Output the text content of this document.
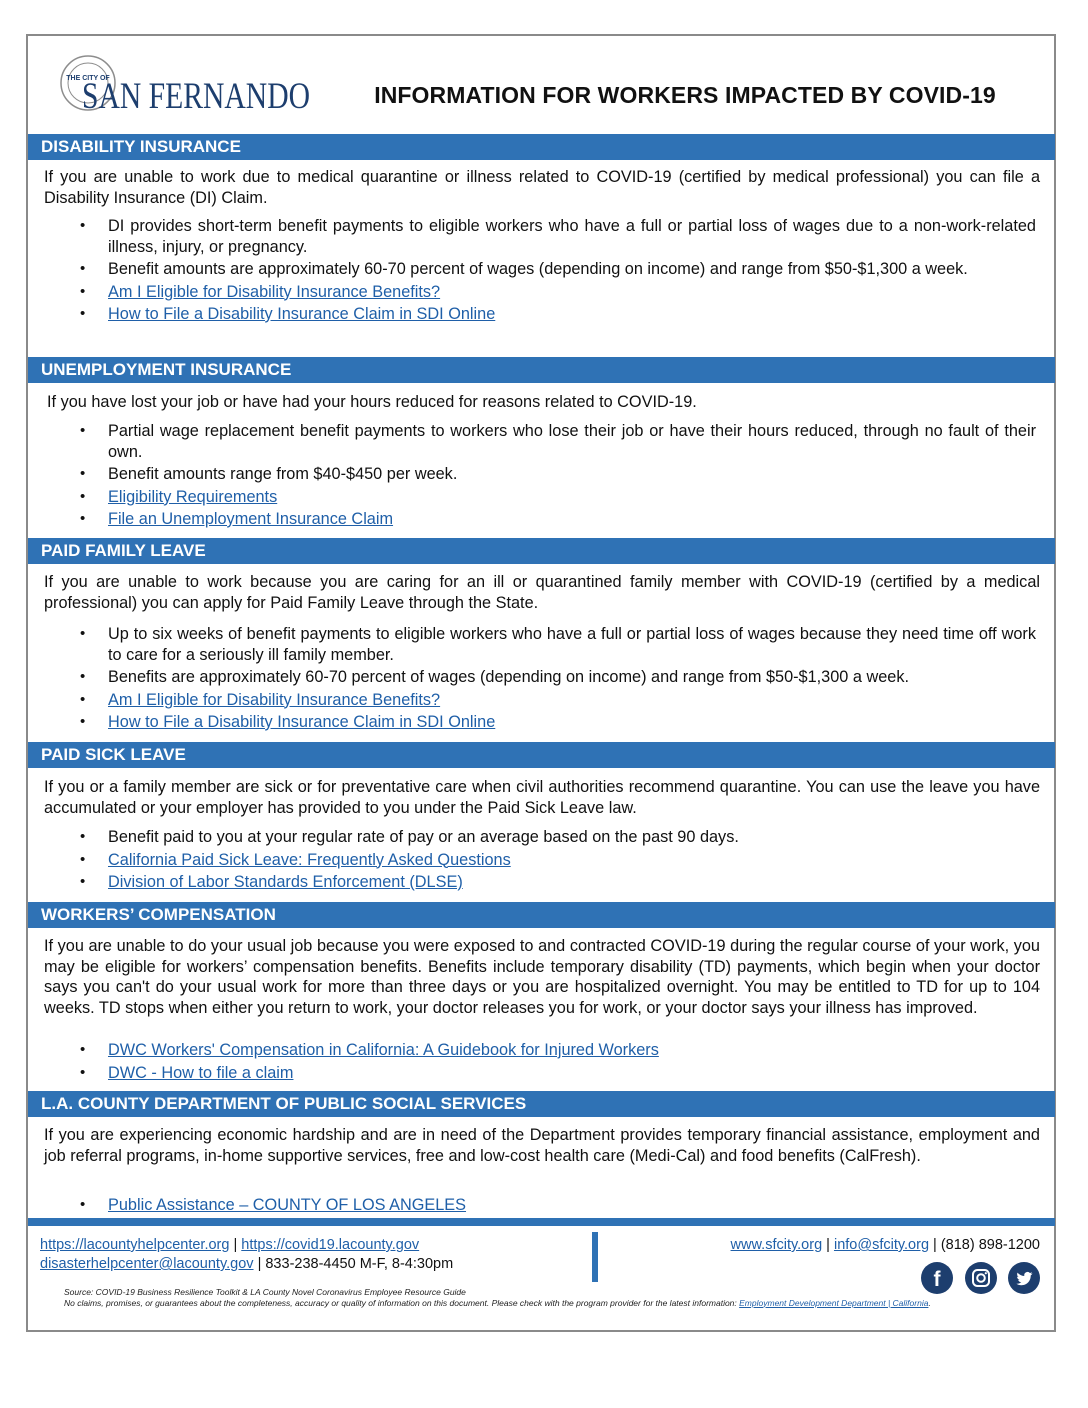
THE CITY OF
SAN FERNANDO	INFORMATION FOR WORKERS IMPACTED BY COVID-19
DISABILITY INSURANCE
If you are unable to work due to medical quarantine or illness related to COVID-19 (certified by medical professional) you can file a Disability Insurance (DI) Claim.
• DI provides short-term benefit payments to eligible workers who have a full or partial loss of wages due to a non-work-related illness, injury, or pregnancy.
• Benefit amounts are approximately 60-70 percent of wages (depending on income) and range from $50-$1,300 a week.
• Am I Eligible for Disability Insurance Benefits?
• How to File a Disability Insurance Claim in SDI Online
UNEMPLOYMENT INSURANCE
If you have lost your job or have had your hours reduced for reasons related to COVID-19.
• Partial wage replacement benefit payments to workers who lose their job or have their hours reduced, through no fault of their own.
• Benefit amounts range from $40-$450 per week.
• Eligibility Requirements
• File an Unemployment Insurance Claim
PAID FAMILY LEAVE
If you are unable to work because you are caring for an ill or quarantined family member with COVID-19 (certified by a medical professional) you can apply for Paid Family Leave through the State.
• Up to six weeks of benefit payments to eligible workers who have a full or partial loss of wages because they need time off work to care for a seriously ill family member.
• Benefits are approximately 60-70 percent of wages (depending on income) and range from $50-$1,300 a week.
• Am I Eligible for Disability Insurance Benefits?
• How to File a Disability Insurance Claim in SDI Online
PAID SICK LEAVE
If you or a family member are sick or for preventative care when civil authorities recommend quarantine. You can use the leave you have accumulated or your employer has provided to you under the Paid Sick Leave law.
• Benefit paid to you at your regular rate of pay or an average based on the past 90 days.
• California Paid Sick Leave: Frequently Asked Questions
• Division of Labor Standards Enforcement (DLSE)
WORKERS’ COMPENSATION
If you are unable to do your usual job because you were exposed to and contracted COVID-19 during the regular course of your work, you may be eligible for workers’ compensation benefits. Benefits include temporary disability (TD) payments, which begin when your doctor says you can't do your usual work for more than three days or you are hospitalized overnight. You may be entitled to TD for up to 104 weeks. TD stops when either you return to work, your doctor releases you for work, or your doctor says your illness has improved.
• DWC Workers' Compensation in California: A Guidebook for Injured Workers
• DWC - How to file a claim
L.A. COUNTY DEPARTMENT OF PUBLIC SOCIAL SERVICES
If you are experiencing economic hardship and are in need of the Department provides temporary financial assistance, employment and job referral programs, in-home supportive services, free and low-cost health care (Medi-Cal) and food benefits (CalFresh).
• Public Assistance – COUNTY OF LOS ANGELES
https://lacountyhelpcenter.org | https://covid19.lacounty.gov
disasterhelpcenter@lacounty.gov | 833-238-4450 M-F, 8-4:30pm
www.sfcity.org | info@sfcity.org | (818) 898-1200
f
Source: COVID-19 Business Resilience Toolkit & LA County Novel Coronavirus Employee Resource Guide
No claims, promises, or guarantees about the completeness, accuracy or quality of information on this document. Please check with the program provider for the latest information: Employment Development Department | California.
